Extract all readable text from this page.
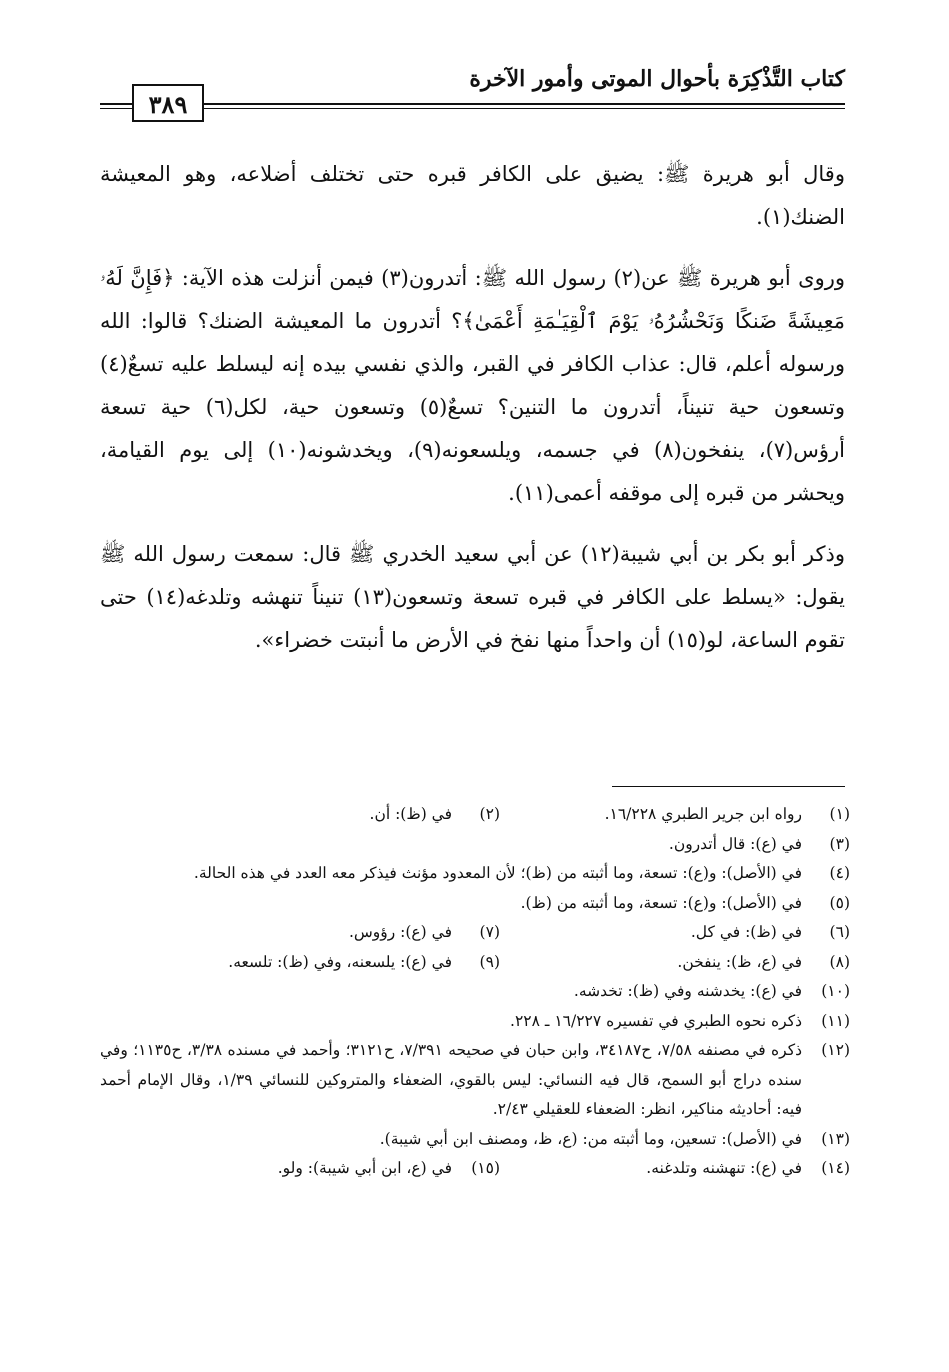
كتاب التَّذْكِرَة بأحوال الموتى وأمور الآخرة
٣٨٩

وقال أبو هريرة ﷺ: يضيق على الكافر قبره حتى تختلف أضلاعه، وهو المعيشة الضنك(١).

وروى أبو هريرة ﷺ عن(٢) رسول الله ﷺ: أتدرون(٣) فيمن أنزلت هذه الآية: ﴿فَإِنَّ لَهُۥ مَعِيشَةً ضَنكًا وَنَحْشُرُهُۥ يَوْمَ ٱلْقِيَـٰمَةِ أَعْمَىٰ﴾؟ أتدرون ما المعيشة الضنك؟ قالوا: الله ورسوله أعلم، قال: عذاب الكافر في القبر، والذي نفسي بيده إنه ليسلط عليه تسعٌ(٤) وتسعون حية تنيناً، أتدرون ما التنين؟ تسعٌ(٥) وتسعون حية، لكل(٦) حية تسعة أرؤس(٧)، ينفخون(٨) في جسمه، ويلسعونه(٩)، ويخدشونه(١٠) إلى يوم القيامة، ويحشر من قبره إلى موقفه أعمى(١١).

وذكر أبو بكر بن أبي شيبة(١٢) عن أبي سعيد الخدري ﷺ قال: سمعت رسول الله ﷺ يقول: «يسلط على الكافر في قبره تسعة وتسعون(١٣) تنيناً تنهشه وتلدغه(١٤) حتى تقوم الساعة، لو(١٥) أن واحداً منها نفخ في الأرض ما أنبتت خضراء».

(١)
رواه ابن جرير الطبري ١٦/٢٢٨.
(٢)
في (ظ): أن.
(٣)
في (ع): قال أتدرون.
(٤)
في (الأصل): و(ع): تسعة، وما أثبته من (ظ)؛ لأن المعدود مؤنث فيذكر معه العدد في هذه الحالة.
(٥)
في (الأصل): و(ع): تسعة، وما أثبته من (ظ).
(٦)
في (ظ): في كل.
(٧)
في (ع): رؤوس.
(٨)
في (ع، ظ): ينفخن.
(٩)
في (ع): يلسعنه، وفي (ظ): تلسعه.
(١٠)
في (ع): يخدشنه وفي (ظ): تخدشه.
(١١)
ذكره نحوه الطبري في تفسيره ١٦/٢٢٧ ـ ٢٢٨.
(١٢)
ذكره في مصنفه ٧/٥٨، ح٣٤١٨٧، وابن حبان في صحيحه ٧/٣٩١، ح٣١٢١؛ وأحمد في مسنده ٣/٣٨، ح١١٣٥؛ وفي سنده دراج أبو السمح، قال فيه النسائي: ليس بالقوي، الضعفاء والمتروكين للنسائي ١/٣٩، وقال الإمام أحمد فيه: أحاديثه مناكير، انظر: الضعفاء للعقيلي ٢/٤٣.
(١٣)
في (الأصل): تسعين، وما أثبته من: (ع، ظ، ومصنف ابن أبي شيبة).
(١٤)
في (ع): تنهشنه وتلدغنه.
(١٥)
في (ع، ابن أبي شيبة): ولو.
